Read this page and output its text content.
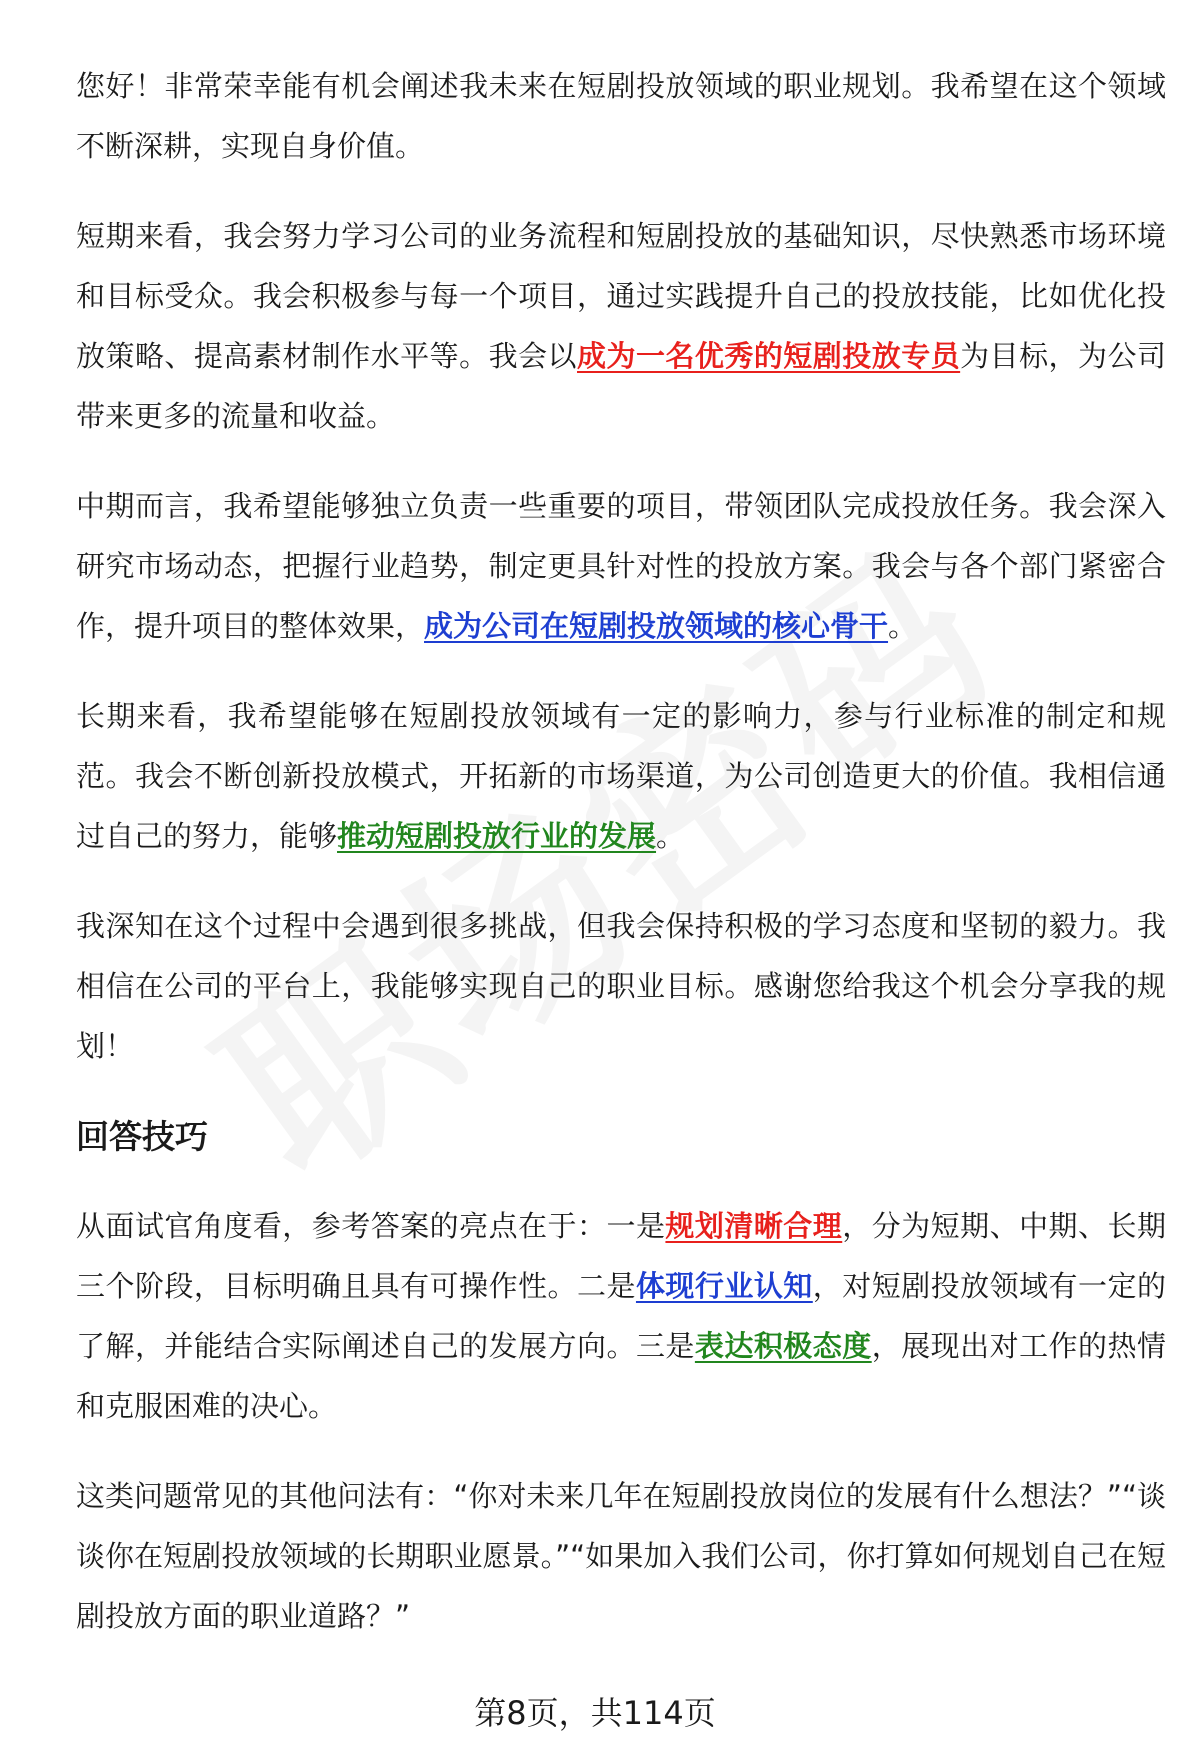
您好！非常荣幸能有机会阐述我未来在短剧投放领域的职业规划。我希望在这个领域不断深耕，实现自身价值。

短期来看，我会努力学习公司的业务流程和短剧投放的基础知识，尽快熟悉市场环境和目标受众。我会积极参与每一个项目，通过实践提升自己的投放技能，比如优化投放策略、提高素材制作水平等。我会以成为一名优秀的短剧投放专员为目标，为公司带来更多的流量和收益。

中期而言，我希望能够独立负责一些重要的项目，带领团队完成投放任务。我会深入研究市场动态，把握行业趋势，制定更具针对性的投放方案。我会与各个部门紧密合作，提升项目的整体效果，成为公司在短剧投放领域的核心骨干。

长期来看，我希望能够在短剧投放领域有一定的影响力，参与行业标准的制定和规范。我会不断创新投放模式，开拓新的市场渠道，为公司创造更大的价值。我相信通过自己的努力，能够推动短剧投放行业的发展。

我深知在这个过程中会遇到很多挑战，但我会保持积极的学习态度和坚韧的毅力。我相信在公司的平台上，我能够实现自己的职业目标。感谢您给我这个机会分享我的规划！

回答技巧

从面试官角度看，参考答案的亮点在于：一是规划清晰合理，分为短期、中期、长期三个阶段，目标明确且具有可操作性。二是体现行业认知，对短剧投放领域有一定的了解，并能结合实际阐述自己的发展方向。三是表达积极态度，展现出对工作的热情和克服困难的决心。

这类问题常见的其他问法有：“你对未来几年在短剧投放岗位的发展有什么想法？”“谈谈你在短剧投放领域的长期职业愿景。”“如果加入我们公司，你打算如何规划自己在短剧投放方面的职业道路？”

第8页，共114页
